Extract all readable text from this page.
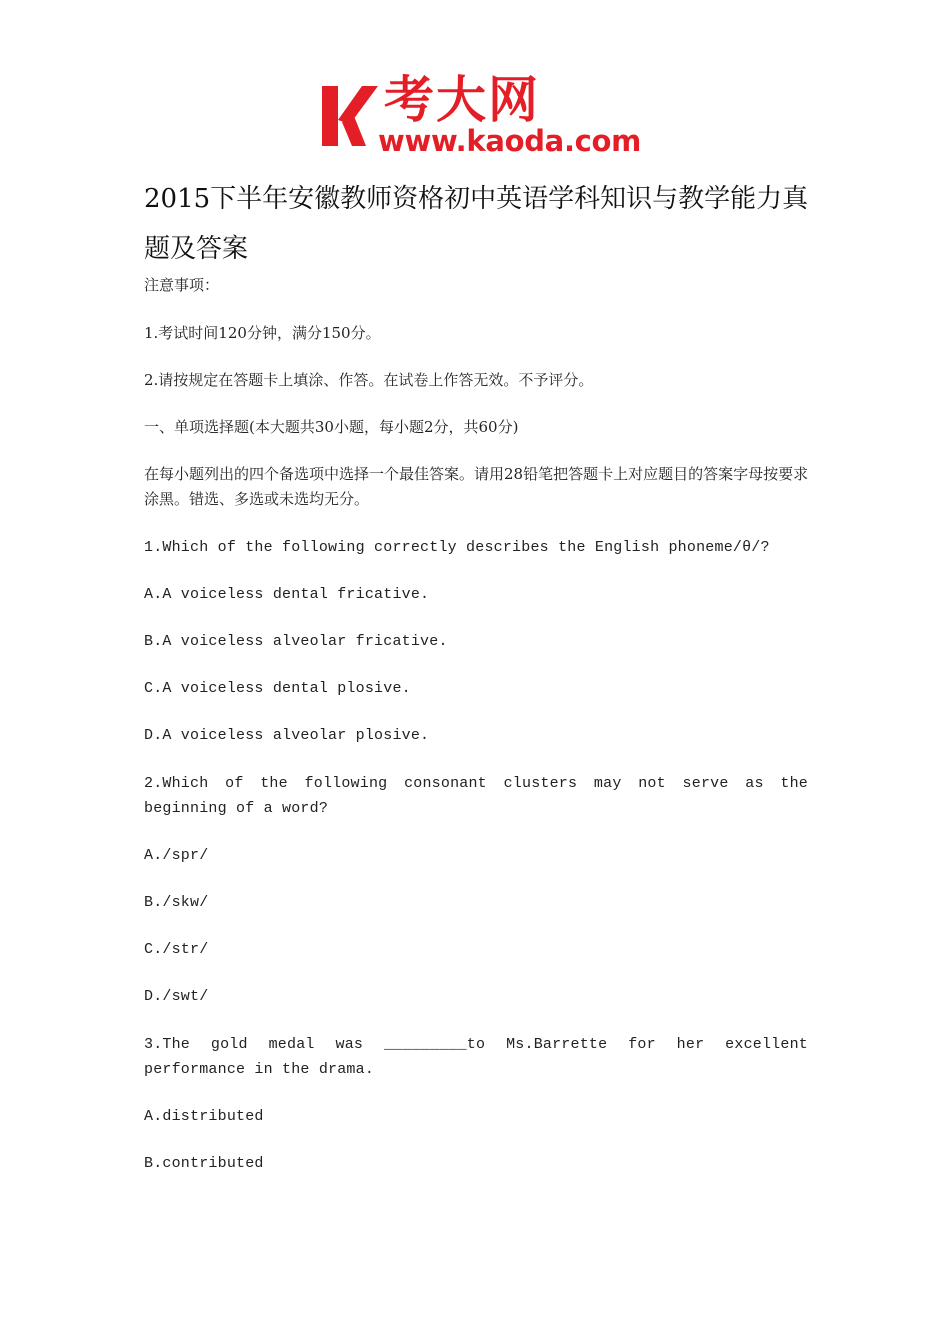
考大网
www.kaoda.com
2015下半年安徽教师资格初中英语学科知识与教学能力真题及答案
注意事项：
1.考试时间120分钟，满分150分。
2.请按规定在答题卡上填涂、作答。在试卷上作答无效。不予评分。
一、单项选择题(本大题共30小题，每小题2分，共60分)
在每小题列出的四个备选项中选择一个最佳答案。请用28铅笔把答题卡上对应题目的答案字母按要求涂黑。错选、多选或未选均无分。
1.Which of the following correctly describes the English phoneme/θ/?
A.A voiceless dental fricative.
B.A voiceless alveolar fricative.
C.A voiceless dental plosive.
D.A voiceless alveolar plosive.
2.Which of the following consonant clusters may not serve as the beginning of a word?
A./spr/
B./skw/
C./str/
D./swt/
3.The gold medal was _________to Ms.Barrette for her excellent performance in the drama.
A.distributed
B.contributed
